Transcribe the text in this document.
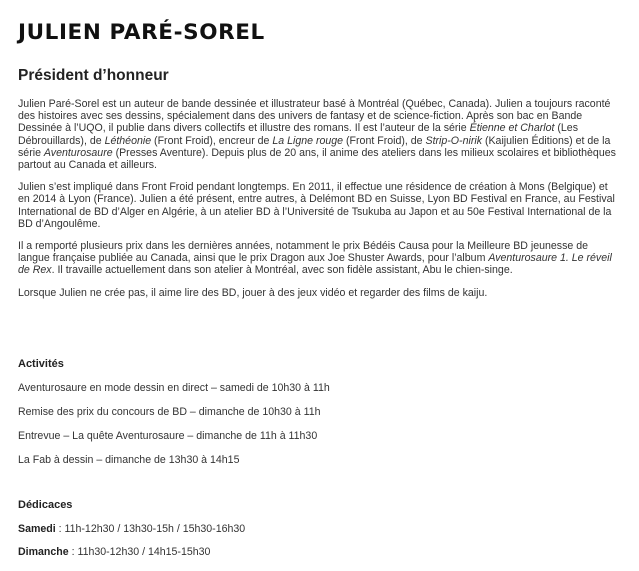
JULIEN PARÉ-SOREL
Président d’honneur

Julien Paré-Sorel est un auteur de bande dessinée et illustrateur basé à Montréal (Québec, Canada). Julien a toujours raconté des histoires avec ses dessins, spécialement dans des univers de fantasy et de science-fiction. Après son bac en Bande Dessinée à l’UQO, il publie dans divers collectifs et illustre des romans. Il est l’auteur de la série Étienne et Charlot (Les Débrouillards), de Léthéonie (Front Froid), encreur de La Ligne rouge (Front Froid), de Strip-O-nirik (Kaijulien Éditions) et de la série Aventurosaure (Presses Aventure). Depuis plus de 20 ans, il anime des ateliers dans les milieux scolaires et bibliothèques partout au Canada et ailleurs.

Julien s’est impliqué dans Front Froid pendant longtemps. En 2011, il effectue une résidence de création à Mons (Belgique) et en 2014 à Lyon (France). Julien a été présent, entre autres, à Delémont BD en Suisse, Lyon BD Festival en France, au Festival International de BD d’Alger en Algérie, à un atelier BD à l’Université de Tsukuba au Japon et au 50e Festival International de la BD d’Angoulême.

Il a remporté plusieurs prix dans les dernières années, notamment le prix Bédéis Causa pour la Meilleure BD jeunesse de langue française publiée au Canada, ainsi que le prix Dragon aux Joe Shuster Awards, pour l’album Aventurosaure 1. Le réveil de Rex. Il travaille actuellement dans son atelier à Montréal, avec son fidèle assistant, Abu le chien-singe.

Lorsque Julien ne crée pas, il aime lire des BD, jouer à des jeux vidéo et regarder des films de kaiju.

Activités
Aventurosaure en mode dessin en direct – samedi de 10h30 à 11h
Remise des prix du concours de BD – dimanche de 10h30 à 11h
Entrevue – La quête Aventurosaure – dimanche de 11h à 11h30
La Fab à dessin – dimanche de 13h30 à 14h15
Dédicaces
Samedi : 11h-12h30 / 13h30-15h / 15h30-16h30
Dimanche : 11h30-12h30 / 14h15-15h30
